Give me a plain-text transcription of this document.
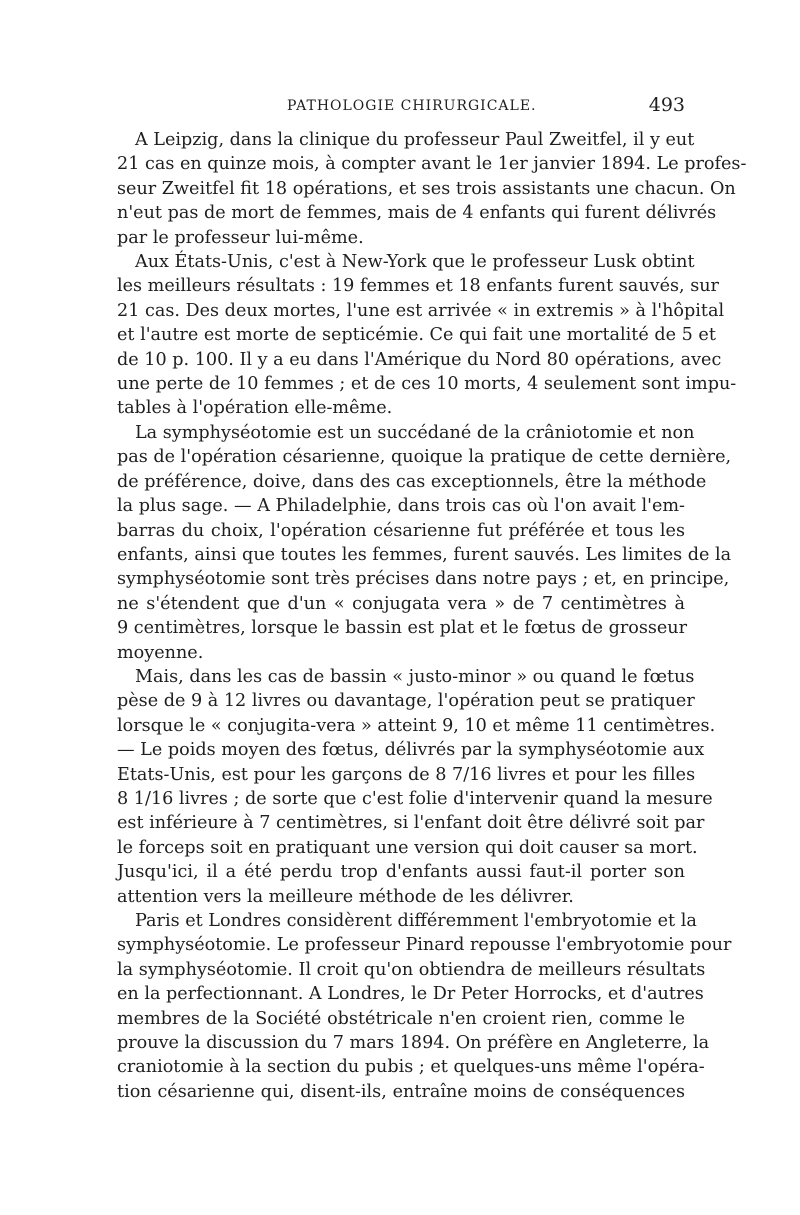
PATHOLOGIE CHIRURGICALE.	493

A Leipzig, dans la clinique du professeur Paul Zweitfel, il y eut
21 cas en quinze mois, à compter avant le 1er janvier 1894. Le profes-
seur Zweitfel fit 18 opérations, et ses trois assistants une chacun. On
n'eut pas de mort de femmes, mais de 4 enfants qui furent délivrés
par le professeur lui-même.

Aux États-Unis, c'est à New-York que le professeur Lusk obtint
les meilleurs résultats : 19 femmes et 18 enfants furent sauvés, sur
21 cas. Des deux mortes, l'une est arrivée « in extremis » à l'hôpital
et l'autre est morte de septicémie. Ce qui fait une mortalité de 5 et
de 10 p. 100. Il y a eu dans l'Amérique du Nord 80 opérations, avec
une perte de 10 femmes ; et de ces 10 morts, 4 seulement sont impu-
tables à l'opération elle-même.

La symphyséotomie est un succédané de la crâniotomie et non
pas de l'opération césarienne, quoique la pratique de cette dernière,
de préférence, doive, dans des cas exceptionnels, être la méthode
la plus sage. — A Philadelphie, dans trois cas où l'on avait l'em-
barras du choix, l'opération césarienne fut préférée et tous les
enfants, ainsi que toutes les femmes, furent sauvés. Les limites de la
symphyséotomie sont très précises dans notre pays ; et, en principe,
ne s'étendent que d'un « conjugata vera » de 7 centimètres à
9 centimètres, lorsque le bassin est plat et le fœtus de grosseur
moyenne.

Mais, dans les cas de bassin « justo-minor » ou quand le fœtus
pèse de 9 à 12 livres ou davantage, l'opération peut se pratiquer
lorsque le « conjugita-vera » atteint 9, 10 et même 11 centimètres.
— Le poids moyen des fœtus, délivrés par la symphyséotomie aux
Etats-Unis, est pour les garçons de 8 7/16 livres et pour les filles
8 1/16 livres ; de sorte que c'est folie d'intervenir quand la mesure
est inférieure à 7 centimètres, si l'enfant doit être délivré soit par
le forceps soit en pratiquant une version qui doit causer sa mort.
Jusqu'ici, il a été perdu trop d'enfants aussi faut-il porter son
attention vers la meilleure méthode de les délivrer.

Paris et Londres considèrent différemment l'embryotomie et la
symphyséotomie. Le professeur Pinard repousse l'embryotomie pour
la symphyséotomie. Il croit qu'on obtiendra de meilleurs résultats
en la perfectionnant. A Londres, le Dr Peter Horrocks, et d'autres
membres de la Société obstétricale n'en croient rien, comme le
prouve la discussion du 7 mars 1894. On préfère en Angleterre, la
craniotomie à la section du pubis ; et quelques-uns même l'opéra-
tion césarienne qui, disent-ils, entraîne moins de conséquences
